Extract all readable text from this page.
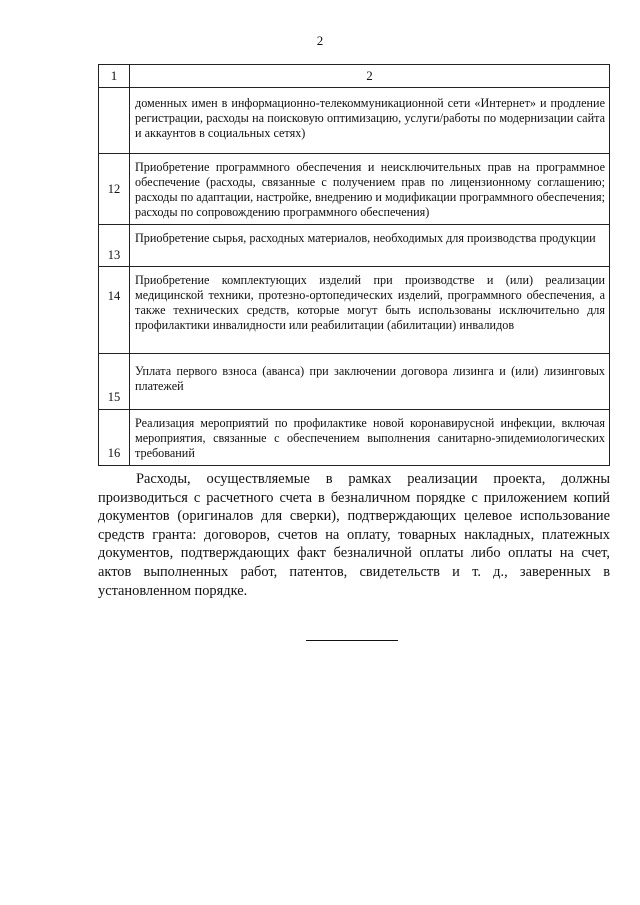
2
1	2
	доменных имен в информационно-телекоммуникационной сети «Интернет» и продление регистрации, расходы на поисковую оптимизацию, услуги/работы по модернизации сайта и аккаунтов в социальных сетях)
12	Приобретение программного обеспечения и неисключительных прав на программное обеспечение (расходы, связанные с получением прав по лицензионному соглашению; расходы по адаптации, настройке, внедрению и модификации программного обеспечения; расходы по сопровождению программного обеспечения)
13	Приобретение сырья, расходных материалов, необходимых для производства продукции
14	Приобретение комплектующих изделий при производстве и (или) реализации медицинской техники, протезно-ортопедических изделий, программного обеспечения, а также технических средств, которые могут быть использованы исключительно для профилактики инвалидности или реабилитации (абилитации) инвалидов
15	Уплата первого взноса (аванса) при заключении договора лизинга и (или) лизинговых платежей
16	Реализация мероприятий по профилактике новой коронавирусной инфекции, включая мероприятия, связанные с обеспечением выполнения санитарно-эпидемиологических требований
Расходы, осуществляемые в рамках реализации проекта, должны производиться с расчетного счета в безналичном порядке с приложением копий документов (оригиналов для сверки), подтверждающих целевое использование средств гранта: договоров, счетов на оплату, товарных накладных, платежных документов, подтверждающих факт безналичной оплаты либо оплаты на счет, актов выполненных работ, патентов, свидетельств и т. д., заверенных в установленном порядке.
